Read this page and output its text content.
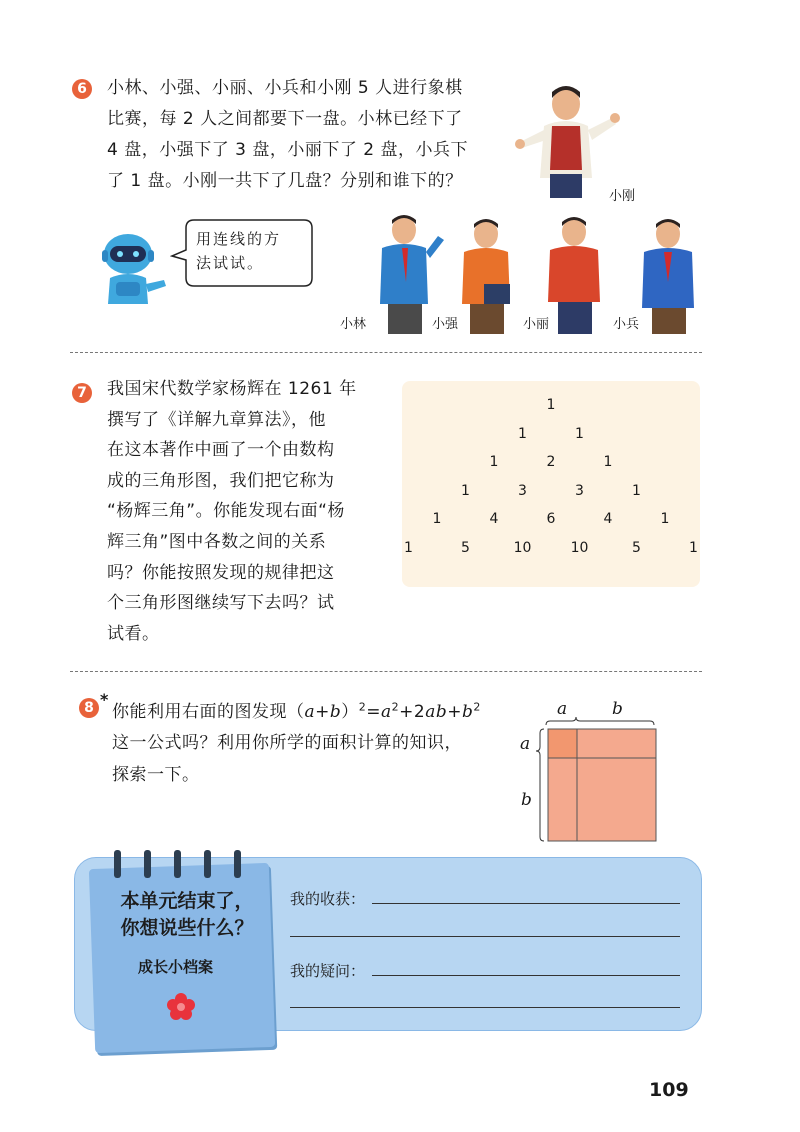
6	小林、小强、小丽、小兵和小刚 5 人进行象棋
比赛，每 2 人之间都要下一盘。小林已经下了
4 盘，小强下了 3 盘，小丽下了 2 盘，小兵下
了 1 盘。小刚一共下了几盘？分别和谁下的？
小刚
用连线的方
法试试。
小林	小强	小丽	小兵
7	我国宋代数学家杨辉在 1261 年
撰写了《详解九章算法》，他
在这本著作中画了一个由数构
成的三角形图，我们把它称为
“杨辉三角”。你能发现右面“杨
辉三角”图中各数之间的关系
吗？你能按照发现的规律把这
个三角形图继续写下去吗？试
试看。
1
1	1
1	2	1
1	3	3	1
1	4	6	4	1
1	5	10	10	5	1
8 *
你能利用右面的图发现$(a+b)^2=a^2+2ab+b^2$
这一公式吗？利用你所学的面积计算的知识，
探索一下。
a	b
a
b
本单元结束了，
你想说些什么？
成长小档案
我的收获：
我的疑问：
109
